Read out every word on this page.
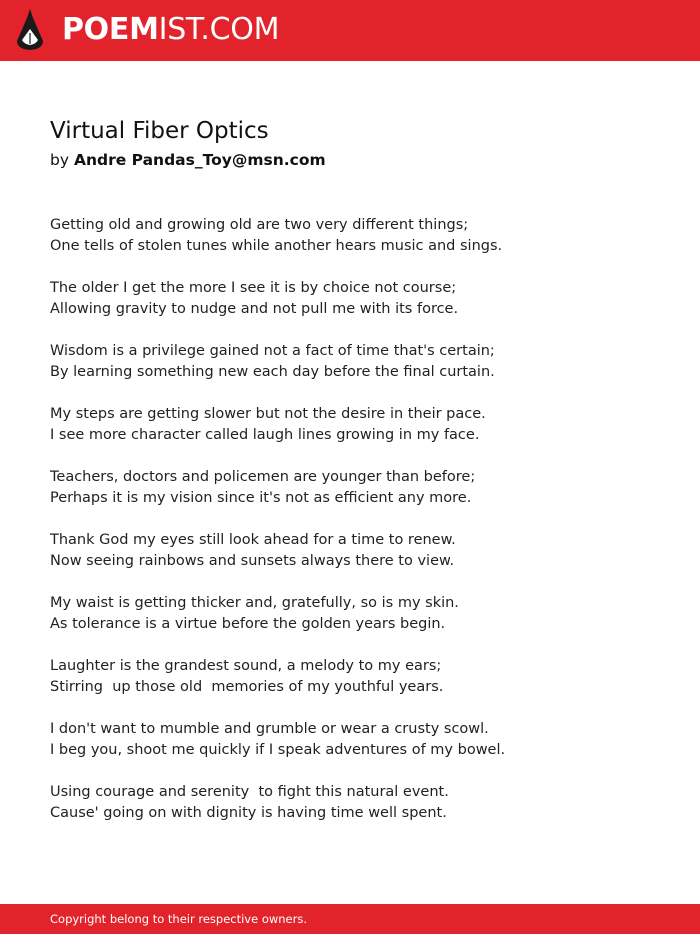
POEMIST.COM
Virtual Fiber Optics
by Andre Pandas_Toy@msn.com
Getting old and growing old are two very different things;
One tells of stolen tunes while another hears music and sings.
The older I get the more I see it is by choice not course;
Allowing gravity to nudge and not pull me with its force.
Wisdom is a privilege gained not a fact of time that's certain;
By learning something new each day before the final curtain.
My steps are getting slower but not the desire in their pace.
I see more character called laugh lines growing in my face.
Teachers, doctors and policemen are younger than before;
Perhaps it is my vision since it's not as efficient any more.
Thank God my eyes still look ahead for a time to renew.
Now seeing rainbows and sunsets always there to view.
My waist is getting thicker and, gratefully, so is my skin.
As tolerance is a virtue before the golden years begin.
Laughter is the grandest sound, a melody to my ears;
Stirring  up those old  memories of my youthful years.
I don't want to mumble and grumble or wear a crusty scowl.
I beg you, shoot me quickly if I speak adventures of my bowel.
Using courage and serenity  to fight this natural event.
Cause' going on with dignity is having time well spent.
Copyright belong to their respective owners.
